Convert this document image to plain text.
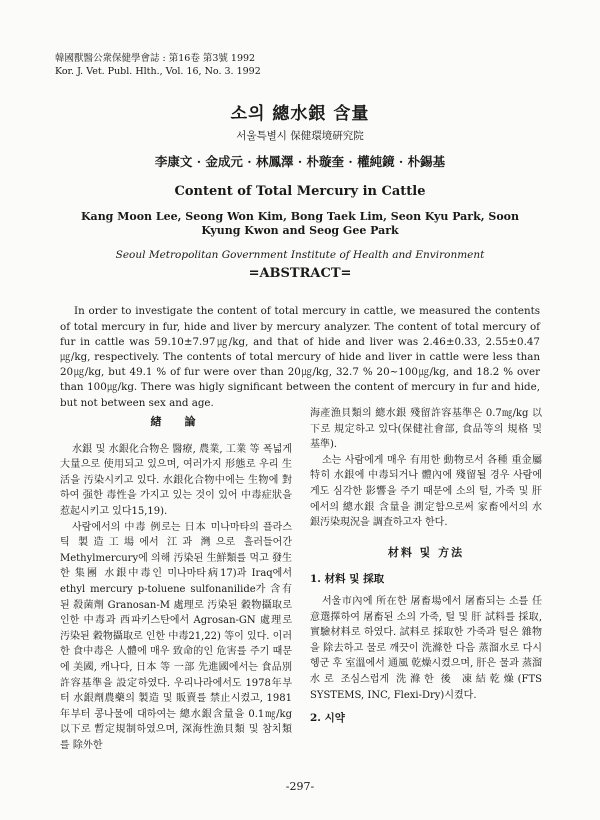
韓國獸醫公衆保健學會誌 : 第16卷 第3號 1992
Kor. J. Vet. Publ. Hlth., Vol. 16, No. 3. 1992
소의 總水銀 含量
서울특별시 保健環境硏究院
李康文 · 金成元 · 林鳳澤 · 朴璇奎 · 權純鏡 · 朴錫基
Content of Total Mercury in Cattle
Kang Moon Lee, Seong Won Kim, Bong Taek Lim, Seon Kyu Park, Soon Kyung Kwon and Seog Gee Park
Seoul Metropolitan Government Institute of Health and Environment
=ABSTRACT=

In order to investigate the content of total mercury in cattle, we measured the contents of total mercury in fur, hide and liver by mercury analyzer. The content of total mercury of fur in cattle was 59.10±7.97㎍/kg, and that of hide and liver was 2.46±0.33, 2.55±0.47㎍/kg, respectively. The contents of total mercury of hide and liver in cattle were less than 20㎍/kg, but 49.1 % of fur were over than 20㎍/kg, 32.7 % 20~100㎍/kg, and 18.2 % over than 100㎍/kg. There was higly significant between the content of mercury in fur and hide, but not between sex and age.

緖　論

水銀 및 水銀化合物은 醫療, 農業, 工業 等 폭넓게 大量으로 使用되고 있으며, 여러가지 形態로 우리 生活을 汚染시키고 있다. 水銀化合物中에는 生物에 對하여 强한 毒性을 가지고 있는 것이 있어 中毒症狀을 惹起시키고 있다15,19).

사람에서의 中毒 例로는 日本 미나마타의 플라스틱 製造工場에서 江과 灣으로 흘러들어간 Methylmercury에 의해 汚染된 生鮮類를 먹고 發生한 集團 水銀中毒인 미나마타病17)과 Iraq에서 ethyl mercury p-toluene sulfonanilide가 含有된 殺菌劑 Granosan-M 處理로 汚染된 穀物攝取로 인한 中毒과 西파키스탄에서 Agrosan-GN 處理로 汚染된 穀物攝取로 인한 中毒21,22) 等이 있다. 이러한 食中毒은 人體에 매우 致命的인 危害를 주기 때문에 美國, 캐나다, 日本 等 一部 先進國에서는 食品別許容基準을 設定하였다. 우리나라에서도 1978年부터 水銀劑農藥의 製造 및 販賣를 禁止시켰고, 1981年부터 콩나물에 대하여는 總水銀含量을 0.1㎎/kg 以下로 暫定規制하였으며, 深海性漁貝類 및 참치類를 除外한

海產漁貝類의 總水銀 殘留許容基準은 0.7㎎/kg 以下로 規定하고 있다(保健社會部, 食品等의 規格 및 基準).

소는 사람에게 매우 有用한 動物로서 各種 重金屬 特히 水銀에 中毒되거나 體內에 殘留될 경우 사람에게도 심각한 影響을 주기 때문에 소의 털, 가죽 및 肝에서의 總水銀 含量을 測定함으로써 家畜에서의 水銀汚染現況을 調査하고자 한다.

材料 및 方法
1. 材料 및 採取

서울市內에 所在한 屠畜場에서 屠畜되는 소를 任意選擇하여 屠畜된 소의 가죽, 털 및 肝 試料를 採取, 實驗材料로 하였다. 試料로 採取한 가죽과 털은 雜物을 除去하고 물로 깨끗이 洗滌한 다음 蒸溜水로 다시 헹군 후 室溫에서 通風 乾燥시켰으며, 肝은 물과 蒸溜水로 조심스럽게 洗滌한 後 凍結乾燥(FTS SYSTEMS, INC, Flexi-Dry)시켰다.

2. 시약
-297-
